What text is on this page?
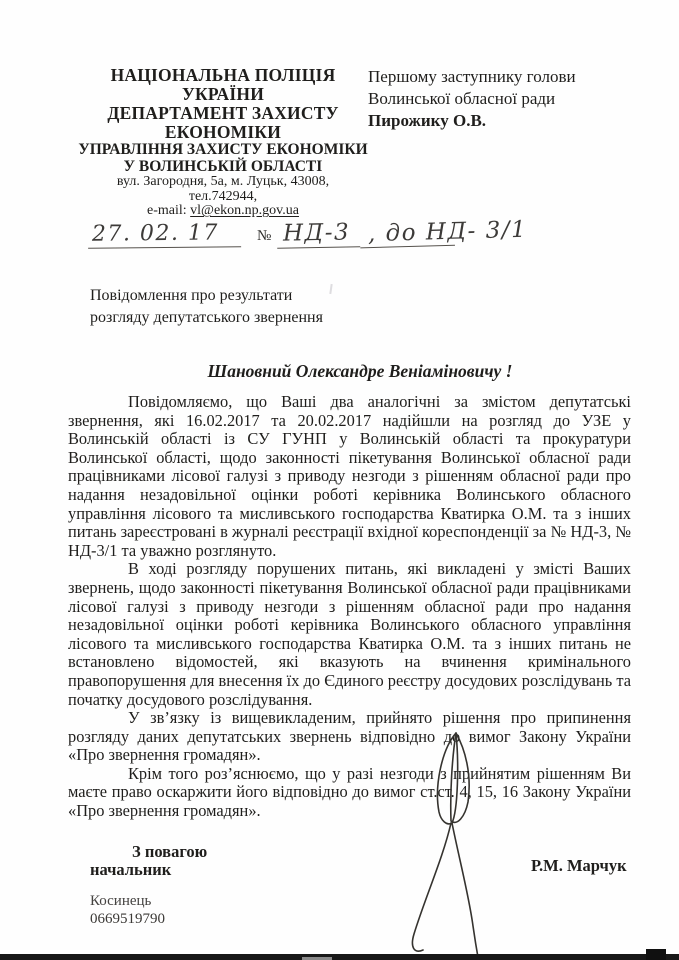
НАЦІОНАЛЬНА ПОЛІЦІЯ
УКРАЇНИ
ДЕПАРТАМЕНТ ЗАХИСТУ
ЕКОНОМІКИ
УПРАВЛІННЯ ЗАХИСТУ ЕКОНОМІКИ
У ВОЛИНСЬКІЙ ОБЛАСТІ
вул. Загородня, 5а, м. Луцьк, 43008,
тел.742944,
e-mail: vl@ekon.np.gov.ua
Першому заступнику голови
Волинської обласної ради
Пирожику О.В.
27. 02. 17	№ НД-3 , до НД- 3/1
Повідомлення про результати
розгляду депутатського звернення
Шановний Олександре Веніаміновичу !

Повідомляємо, що Ваші два аналогічні за змістом депутатські звернення, які 16.02.2017 та 20.02.2017 надійшли на розгляд до УЗЕ у Волинській області із СУ ГУНП у Волинській області та прокуратури Волинської області, щодо законності пікетування Волинської обласної ради працівниками лісової галузі з приводу незгоди з рішенням обласної ради про надання незадовільної оцінки роботі керівника Волинського обласного управління лісового та мисливського господарства Кватирка О.М. та з інших питань зареєстровані в журналі реєстрації вхідної кореспонденції за № НД-3, № НД-3/1 та уважно розглянуто.

В ході розгляду порушених питань, які викладені у змісті Ваших звернень, щодо законності пікетування Волинської обласної ради працівниками лісової галузі з приводу незгоди з рішенням обласної ради про надання незадовільної оцінки роботі керівника Волинського обласного управління лісового та мисливського господарства Кватирка О.М. та з інших питань не встановлено відомостей, які вказують на вчинення кримінального правопорушення для внесення їх до Єдиного реєстру досудових розслідувань та початку досудового розслідування.

У зв’язку із вищевикладеним, прийнято рішення про припинення розгляду даних депутатських звернень відповідно до вимог Закону України «Про звернення громадян».

Крім того роз’яснюємо, що у разі незгоди з прийнятим рішенням Ви маєте право оскаржити його відповідно до вимог ст.ст. 4, 15, 16 Закону України «Про звернення громадян».

З повагою
начальник	Р.М. Марчук
Косинець
0669519790
